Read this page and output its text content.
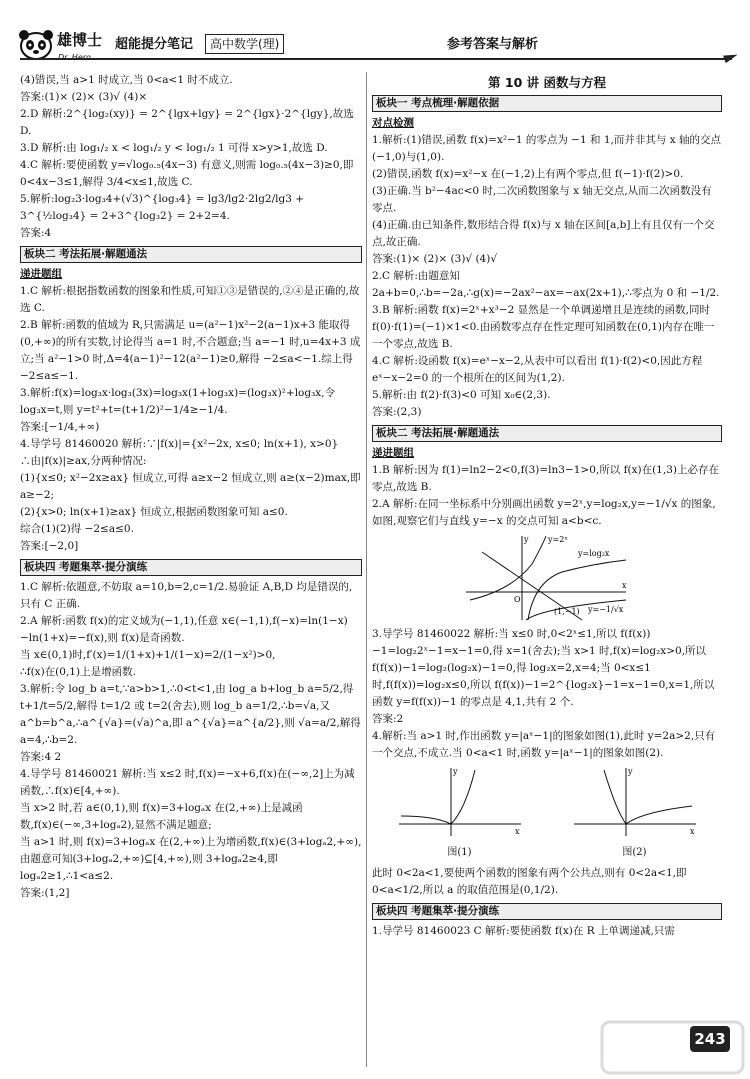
雄博士 超能提分笔记	高中数学(理)	参考答案与解析

(4)错误,当 a>1 时成立,当 0<a<1 时不成立.

答案:(1)× (2)× (3)√ (4)×

2.D 解析:2^{log₂(xy)} = 2^{lgx+lgy} = 2^{lgx}·2^{lgy},故选 D.

3.D 解析:由 log₁/₂ x < log₁/₂ y < log₁/₂ 1 可得 x>y>1,故选 D.

4.C 解析:要使函数 y=√log₀.₅(4x−3) 有意义,则需 log₀.₅(4x−3)≥0,即 0<4x−3≤1,解得 3/4<x≤1,故选 C.

5.解析:log₂3·log₃4+(√3)^{log₃4} = lg3/lg2·2lg2/lg3 + 3^{½log₃4} = 2+3^{log₃2} = 2+2=4.

答案:4

板块二 考法拓展·解题通法
递进题组

1.C 解析:根据指数函数的图象和性质,可知①③是错误的,②④是正确的,故选 C.

2.B 解析:函数的值域为 R,只需满足 u=(a²−1)x²−2(a−1)x+3 能取得(0,+∞)的所有实数,讨论得当 a=1 时,不合题意;当 a=−1 时,u=4x+3 成立;当 a²−1>0 时,Δ=4(a−1)²−12(a²−1)≥0,解得 −2≤a<−1.综上得 −2≤a≤−1.

3.解析:f(x)=log₃x·log₃(3x)=log₃x(1+log₃x)=(log₃x)²+log₃x,令 log₃x=t,则 y=t²+t=(t+1/2)²−1/4≥−1/4.

答案:[−1/4,+∞)

4.导学号 81460020 解析:∵|f(x)|={x²−2x, x≤0; ln(x+1), x>0}

∴由|f(x)|≥ax,分两种情况:

(1){x≤0; x²−2x≥ax} 恒成立,可得 a≥x−2 恒成立,则 a≥(x−2)max,即 a≥−2;

(2){x>0; ln(x+1)≥ax} 恒成立,根据函数图象可知 a≤0.

综合(1)(2)得 −2≤a≤0.

答案:[−2,0]

板块四 考题集萃·提分演练

1.C 解析:依题意,不妨取 a=10,b=2,c=1/2.易验证 A,B,D 均是错误的,只有 C 正确.

2.A 解析:函数 f(x)的定义域为(−1,1),任意 x∈(−1,1),f(−x)=ln(1−x)−ln(1+x)=−f(x),则 f(x)是奇函数.

当 x∈(0,1)时,f′(x)=1/(1+x)+1/(1−x)=2/(1−x²)>0,

∴f(x)在(0,1)上是增函数.

3.解析:令 log_b a=t,∵a>b>1,∴0<t<1,由 log_a b+log_b a=5/2,得 t+1/t=5/2,解得 t=1/2 或 t=2(舍去),则 log_b a=1/2,∴b=√a,又 a^b=b^a,∴a^{√a}=(√a)^a,即 a^{√a}=a^{a/2},则 √a=a/2,解得 a=4,∴b=2.

答案:4 2

4.导学号 81460021 解析:当 x≤2 时,f(x)=−x+6,f(x)在(−∞,2]上为减函数,∴f(x)∈[4,+∞).

当 x>2 时,若 a∈(0,1),则 f(x)=3+logₐx 在(2,+∞)上是减函数,f(x)∈(−∞,3+logₐ2),显然不满足题意;

当 a>1 时,则 f(x)=3+logₐx 在(2,+∞)上为增函数,f(x)∈(3+logₐ2,+∞),由题意可知(3+logₐ2,+∞)⊆[4,+∞),则 3+logₐ2≥4,即 logₐ2≥1,∴1<a≤2.

答案:(1,2]

第 10 讲 函数与方程
板块一 考点梳理·解题依据
对点检测

1.解析:(1)错误,函数 f(x)=x²−1 的零点为 −1 和 1,而并非其与 x 轴的交点(−1,0)与(1,0).

(2)错误,函数 f(x)=x²−x 在(−1,2)上有两个零点,但 f(−1)·f(2)>0.

(3)正确.当 b²−4ac<0 时,二次函数图象与 x 轴无交点,从而二次函数没有零点.

(4)正确.由已知条件,数形结合得 f(x)与 x 轴在区间[a,b]上有且仅有一个交点,故正确.

答案:(1)× (2)× (3)√ (4)√

2.C 解析:由题意知 2a+b=0,∴b=−2a,∴g(x)=−2ax²−ax=−ax(2x+1),∴零点为 0 和 −1/2.

3.B 解析:函数 f(x)=2ˣ+x³−2 显然是一个单调递增且是连续的函数,同时 f(0)·f(1)=(−1)×1<0.由函数零点存在性定理可知函数在(0,1)内存在唯一一个零点,故选 B.

4.C 解析:设函数 f(x)=eˣ−x−2,从表中可以看出 f(1)·f(2)<0,因此方程 eˣ−x−2=0 的一个根所在的区间为(1,2).

5.解析:由 f(2)·f(3)<0 可知 x₀∈(2,3).

答案:(2,3)

板块二 考法拓展·解题通法
递进题组

1.B 解析:因为 f(1)=ln2−2<0,f(3)=ln3−1>0,所以 f(x)在(1,3)上必存在零点,故选 B.

2.A 解析:在同一坐标系中分别画出函数 y=2ˣ,y=log₂x,y=−1/√x 的图象,如图,观察它们与直线 y=−x 的交点可知 a<b<c.

y=2ˣ
y=log₂x
y=−1/√x
(1,−1)
y
x
O

3.导学号 81460022 解析:当 x≤0 时,0<2ˣ≤1,所以 f(f(x))−1=log₂2ˣ−1=x−1=0,得 x=1(舍去);当 x>1 时,f(x)=log₂x>0,所以 f(f(x))−1=log₂(log₂x)−1=0,得 log₂x=2,x=4;当 0<x≤1 时,f(f(x))=log₂x≤0,所以 f(f(x))−1=2^{log₂x}−1=x−1=0,x=1,所以函数 y=f(f(x))−1 的零点是 4,1,共有 2 个.

答案:2

4.解析:当 a>1 时,作出函数 y=|aˣ−1|的图象如图(1),此时 y=2a>2,只有一个交点,不成立.当 0<a<1 时,函数 y=|aˣ−1|的图象如图(2).

x
y
图(1)
x
y
图(2)

此时 0<2a<1,要使两个函数的图象有两个公共点,则有 0<2a<1,即 0<a<1/2,所以 a 的取值范围是(0,1/2).

板块四 考题集萃·提分演练

1.导学号 81460023 C 解析:要使函数 f(x)在 R 上单调递减,只需

243
